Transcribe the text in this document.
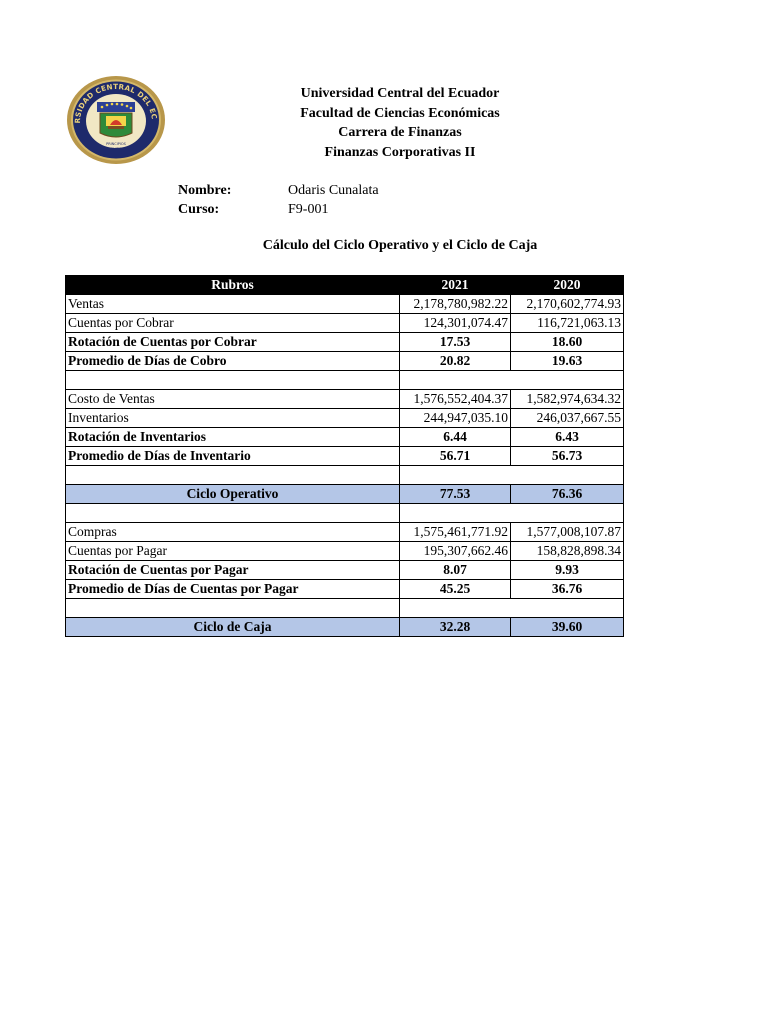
RSIDAD CENTRAL DEL EC
PRINCIPIOS
QUITO
Universidad Central del Ecuador
Facultad de Ciencias Económicas
Carrera de Finanzas
Finanzas Corporativas II
Nombre:	Odaris Cunalata
Curso:	F9-001
Cálculo del Ciclo Operativo y el Ciclo de Caja
Rubros	2021	2020
Ventas	2,178,780,982.22	2,170,602,774.93
Cuentas por Cobrar	124,301,074.47	116,721,063.13
Rotación de Cuentas por Cobrar	17.53	18.60
Promedio de Días de Cobro	20.82	19.63

Costo de Ventas	1,576,552,404.37	1,582,974,634.32
Inventarios	244,947,035.10	246,037,667.55
Rotación de Inventarios	6.44	6.43
Promedio de Días de Inventario	56.71	56.73

Ciclo Operativo	77.53	76.36

Compras	1,575,461,771.92	1,577,008,107.87
Cuentas por Pagar	195,307,662.46	158,828,898.34
Rotación de Cuentas por Pagar	8.07	9.93
Promedio de Días de Cuentas por Pagar	45.25	36.76

Ciclo de Caja	32.28	39.60
